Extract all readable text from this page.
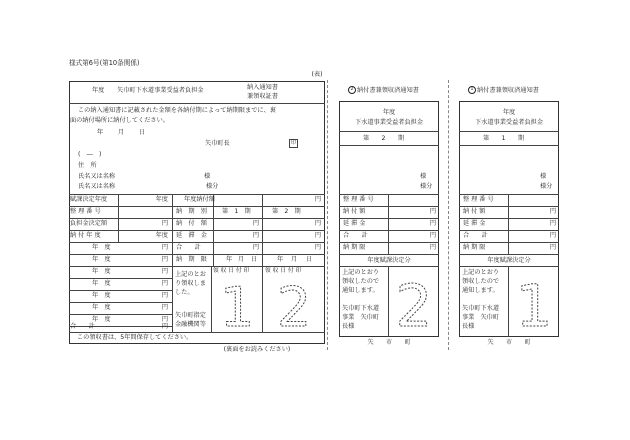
様式第6号(第10条関係)
(表)
年度 矢巾町下水道事業受益者負担金	納入通知書
兼領収証書
この納入通知書に記載された金額を各納付期によって納期限までに、裏
面の納付場所に納付してください。
年 月 日
矢巾町長	印
(　―　)
住　所
氏名又は名称	様
氏名又は名称	様分
賦課決定年度	年度
整 理 番 号
負担金決定額	円
納 付 年 度	年度
年　度	円
年　度	円
年　度	円
年　度	円
年　度	円
年　度	円
年　度	円
合　　計	円
年度納付額	円
納　期　別 第　1　期	第　2　期
納　付　額	円	円
延　滞　金	円	円
合　　計	円	円
納　期　限	年 月 日	年 月 日
上記のとお
り領収しま
した。
矢巾町指定
金融機関等
領 収 日 付 印	領 収 日 付 印
1 2
この領収書は、5年間保存してください。
(裏面をお読みください)
2 納付書兼領収済通知書
年度
下水道事業受益者負担金
第　　2　　期
様
様分
整 理 番 号
納 付 額	円
延 滞 金	円
合　　計	円
納 期 限	円
年度賦課決定分
上記のとおり
領収したので
通知します。
矢巾町下水道
事業　矢巾町
長様 2
矢　　市　　町
1 納付書兼領収済通知書
年度
下水道事業受益者負担金
第　　1　　期
様
様分
整 理 番 号
納 付 額	円
延 滞 金	円
合　　計	円
納 期 限	円
年度賦課決定分
上記のとおり
領収したので
通知します。
矢巾町下水道
事業　矢巾町
長様 1
矢　　市　　町
